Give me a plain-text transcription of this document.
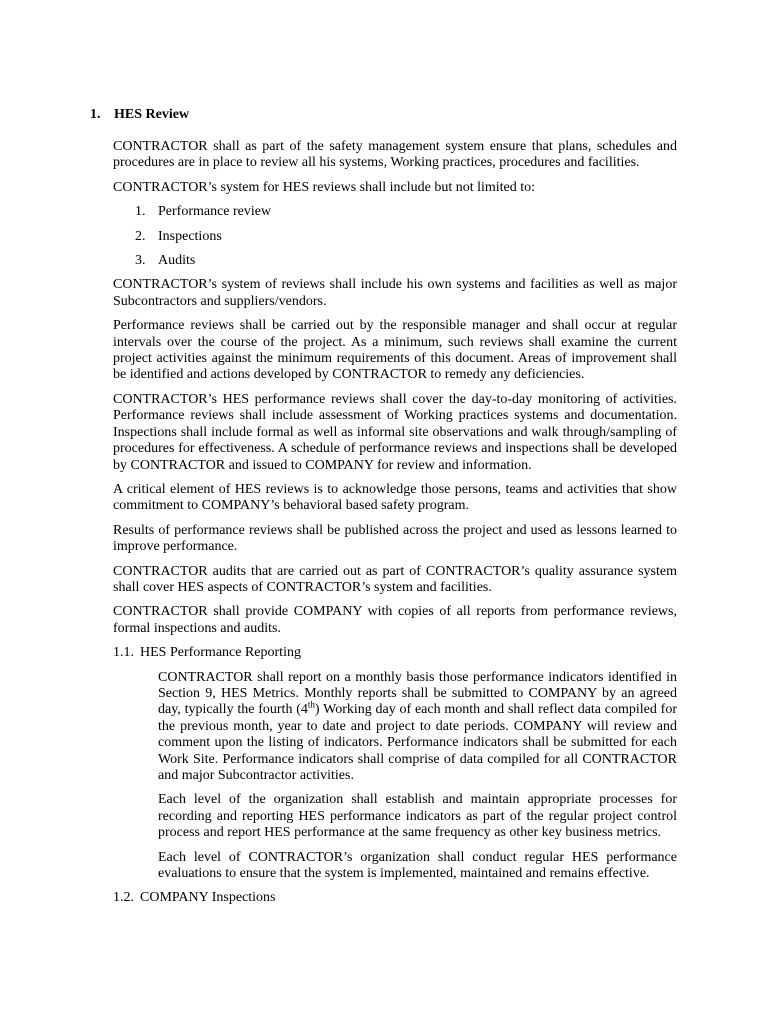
1. HES Review

CONTRACTOR shall as part of the safety management system ensure that plans, schedules and procedures are in place to review all his systems, Working practices, procedures and facilities.

CONTRACTOR’s system for HES reviews shall include but not limited to:

1. Performance review
2. Inspections
3. Audits

CONTRACTOR’s system of reviews shall include his own systems and facilities as well as major Subcontractors and suppliers/vendors.

Performance reviews shall be carried out by the responsible manager and shall occur at regular intervals over the course of the project. As a minimum, such reviews shall examine the current project activities against the minimum requirements of this document. Areas of improvement shall be identified and actions developed by CONTRACTOR to remedy any deficiencies.

CONTRACTOR’s HES performance reviews shall cover the day-to-day monitoring of activities. Performance reviews shall include assessment of Working practices systems and documentation. Inspections shall include formal as well as informal site observations and walk through/sampling of procedures for effectiveness. A schedule of performance reviews and inspections shall be developed by CONTRACTOR and issued to COMPANY for review and information.

A critical element of HES reviews is to acknowledge those persons, teams and activities that show commitment to COMPANY’s behavioral based safety program.

Results of performance reviews shall be published across the project and used as lessons learned to improve performance.

CONTRACTOR audits that are carried out as part of CONTRACTOR’s quality assurance system shall cover HES aspects of CONTRACTOR’s system and facilities.

CONTRACTOR shall provide COMPANY with copies of all reports from performance reviews, formal inspections and audits.

1.1. HES Performance Reporting

CONTRACTOR shall report on a monthly basis those performance indicators identified in Section 9, HES Metrics. Monthly reports shall be submitted to COMPANY by an agreed day, typically the fourth (4th) Working day of each month and shall reflect data compiled for the previous month, year to date and project to date periods. COMPANY will review and comment upon the listing of indicators. Performance indicators shall be submitted for each Work Site. Performance indicators shall comprise of data compiled for all CONTRACTOR and major Subcontractor activities.

Each level of the organization shall establish and maintain appropriate processes for recording and reporting HES performance indicators as part of the regular project control process and report HES performance at the same frequency as other key business metrics.

Each level of CONTRACTOR’s organization shall conduct regular HES performance evaluations to ensure that the system is implemented, maintained and remains effective.

1.2. COMPANY Inspections
